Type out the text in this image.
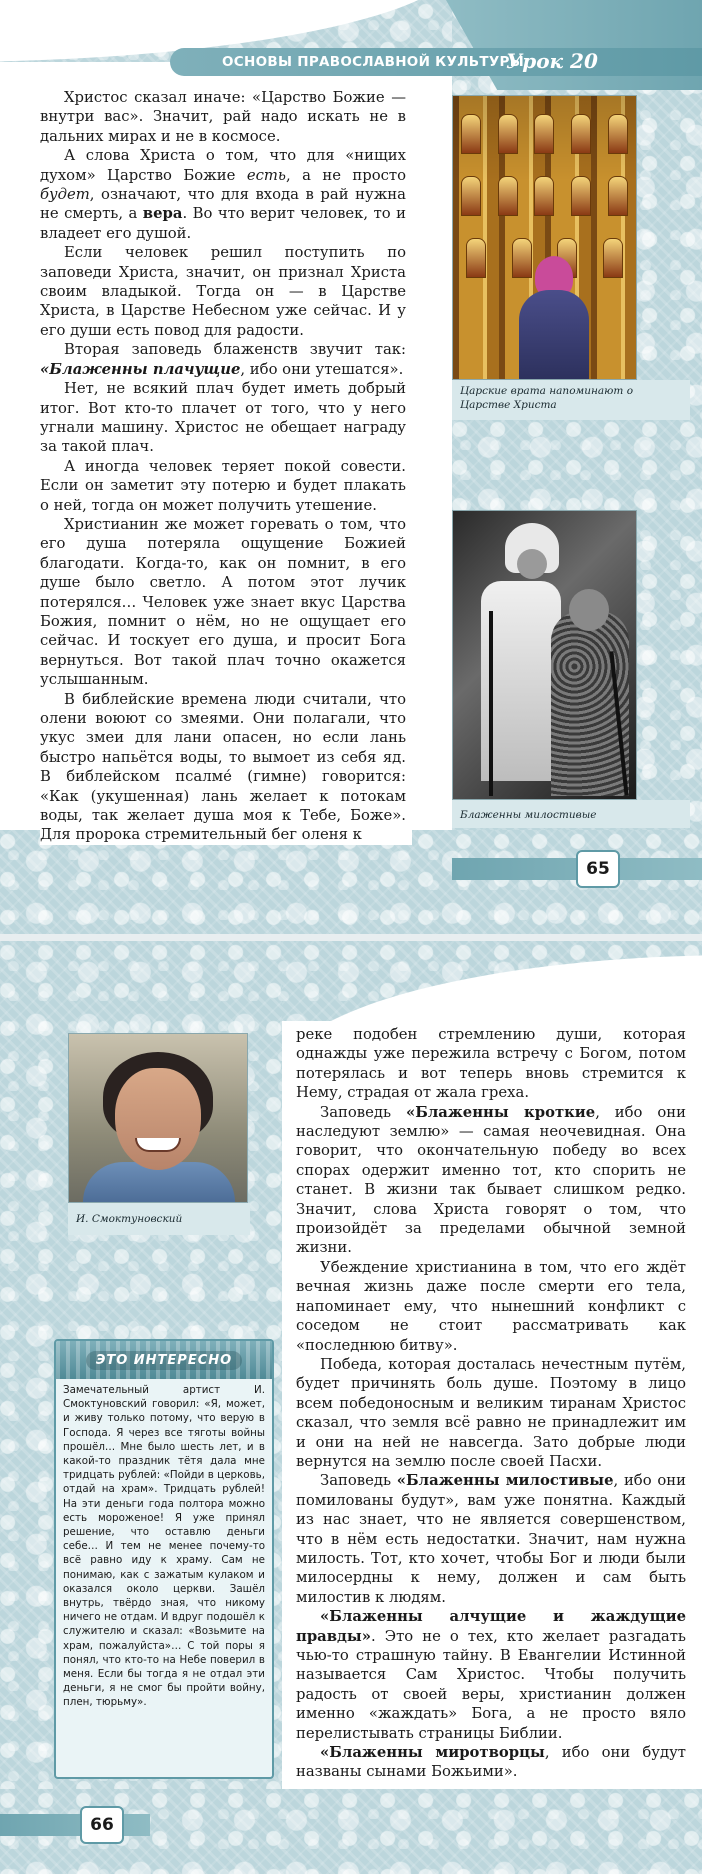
ОСНОВЫ ПРАВОСЛАВНОЙ КУЛЬТУРЫ
Урок 20

Христос сказал иначе: «Царство Божие — внутри вас». Значит, рай надо искать не в дальних мирах и не в космосе.

А слова Христа о том, что для «нищих духом» Царство Божие есть, а не просто будет, означают, что для входа в рай нужна не смерть, а вера. Во что верит человек, то и владеет его душой.

Если человек решил поступить по заповеди Христа, значит, он признал Христа своим владыкой. Тогда он — в Царстве Христа, в Царстве Небесном уже сейчас. И у его души есть повод для радости.

Вторая заповедь блаженств звучит так: «Блаженны плачущие, ибо они утешатся».

Нет, не всякий плач будет иметь добрый итог. Вот кто-то плачет от того, что у него угнали машину. Христос не обещает награду за такой плач.

А иногда человек теряет покой совести. Если он заметит эту потерю и будет плакать о ней, тогда он может получить утешение.

Христианин же может горевать о том, что его душа потеряла ощущение Божией благодати. Когда-то, как он помнит, в его душе было светло. А потом этот лучик потерялся… Человек уже знает вкус Царства Божия, помнит о нём, но не ощущает его сейчас. И тоскует его душа, и просит Бога вернуться. Вот такой плач точно окажется услышанным.

В библейские времена люди считали, что олени воюют со змеями. Они полагали, что укус змеи для лани опасен, но если лань быстро напьётся воды, то вымоет из себя яд. В библейском псалме́ (гимне) говорится: «Как (укушенная) лань желает к потокам воды, так желает душа моя к Тебе, Боже». Для пророка стремительный бег оленя к

Царские врата напоминают о Царстве Христа
Блаженны милостивые
65
И. Смоктуновский
ЭТО ИНТЕРЕСНО

Замечательный артист И. Смоктуновский говорил: «Я, может, и живу только потому, что верую в Господа. Я через все тяготы войны прошёл… Мне было шесть лет, и в какой-то праздник тётя дала мне тридцать рублей: «Пойди в церковь, отдай на храм». Тридцать рублей! На эти деньги года полтора можно есть мороженое! Я уже принял решение, что оставлю деньги себе… И тем не менее почему-то всё равно иду к храму. Сам не понимаю, как с зажатым кулаком и оказался около церкви. Зашёл внутрь, твёрдо зная, что никому ничего не отдам. И вдруг подошёл к служителю и сказал: «Возьмите на храм, пожалуйста»… С той поры я понял, что кто-то на Небе поверил в меня. Если бы тогда я не отдал эти деньги, я не смог бы пройти войну, плен, тюрьму».

реке подобен стремлению души, которая однажды уже пережила встречу с Богом, потом потерялась и вот теперь вновь стремится к Нему, страдая от жала греха.

Заповедь «Блаженны кроткие, ибо они наследуют землю» — самая неочевидная. Она говорит, что окончательную победу во всех спорах одержит именно тот, кто спорить не станет. В жизни так бывает слишком редко. Значит, слова Христа говорят о том, что произойдёт за пределами обычной земной жизни.

Убеждение христианина в том, что его ждёт вечная жизнь даже после смерти его тела, напоминает ему, что нынешний конфликт с соседом не стоит рассматривать как «последнюю битву».

Победа, которая досталась нечестным путём, будет причинять боль душе. Поэтому в лицо всем победоносным и великим тиранам Христос сказал, что земля всё равно не принадлежит им и они на ней не навсегда. Зато добрые люди вернутся на землю после своей Пасхи.

Заповедь «Блаженны милостивые, ибо они помилованы будут», вам уже понятна. Каждый из нас знает, что не является совершенством, что в нём есть недостатки. Значит, нам нужна милость. Тот, кто хочет, чтобы Бог и люди были милосердны к нему, должен и сам быть милостив к людям.

«Блаженны алчущие и жаждущие правды». Это не о тех, кто желает разгадать чью-то страшную тайну. В Евангелии Истинной называется Сам Христос. Чтобы получить радость от своей веры, христианин должен именно «жаждать» Бога, а не просто вяло перелистывать страницы Библии.

«Блаженны миротворцы, ибо они будут названы сынами Божьими».

66
